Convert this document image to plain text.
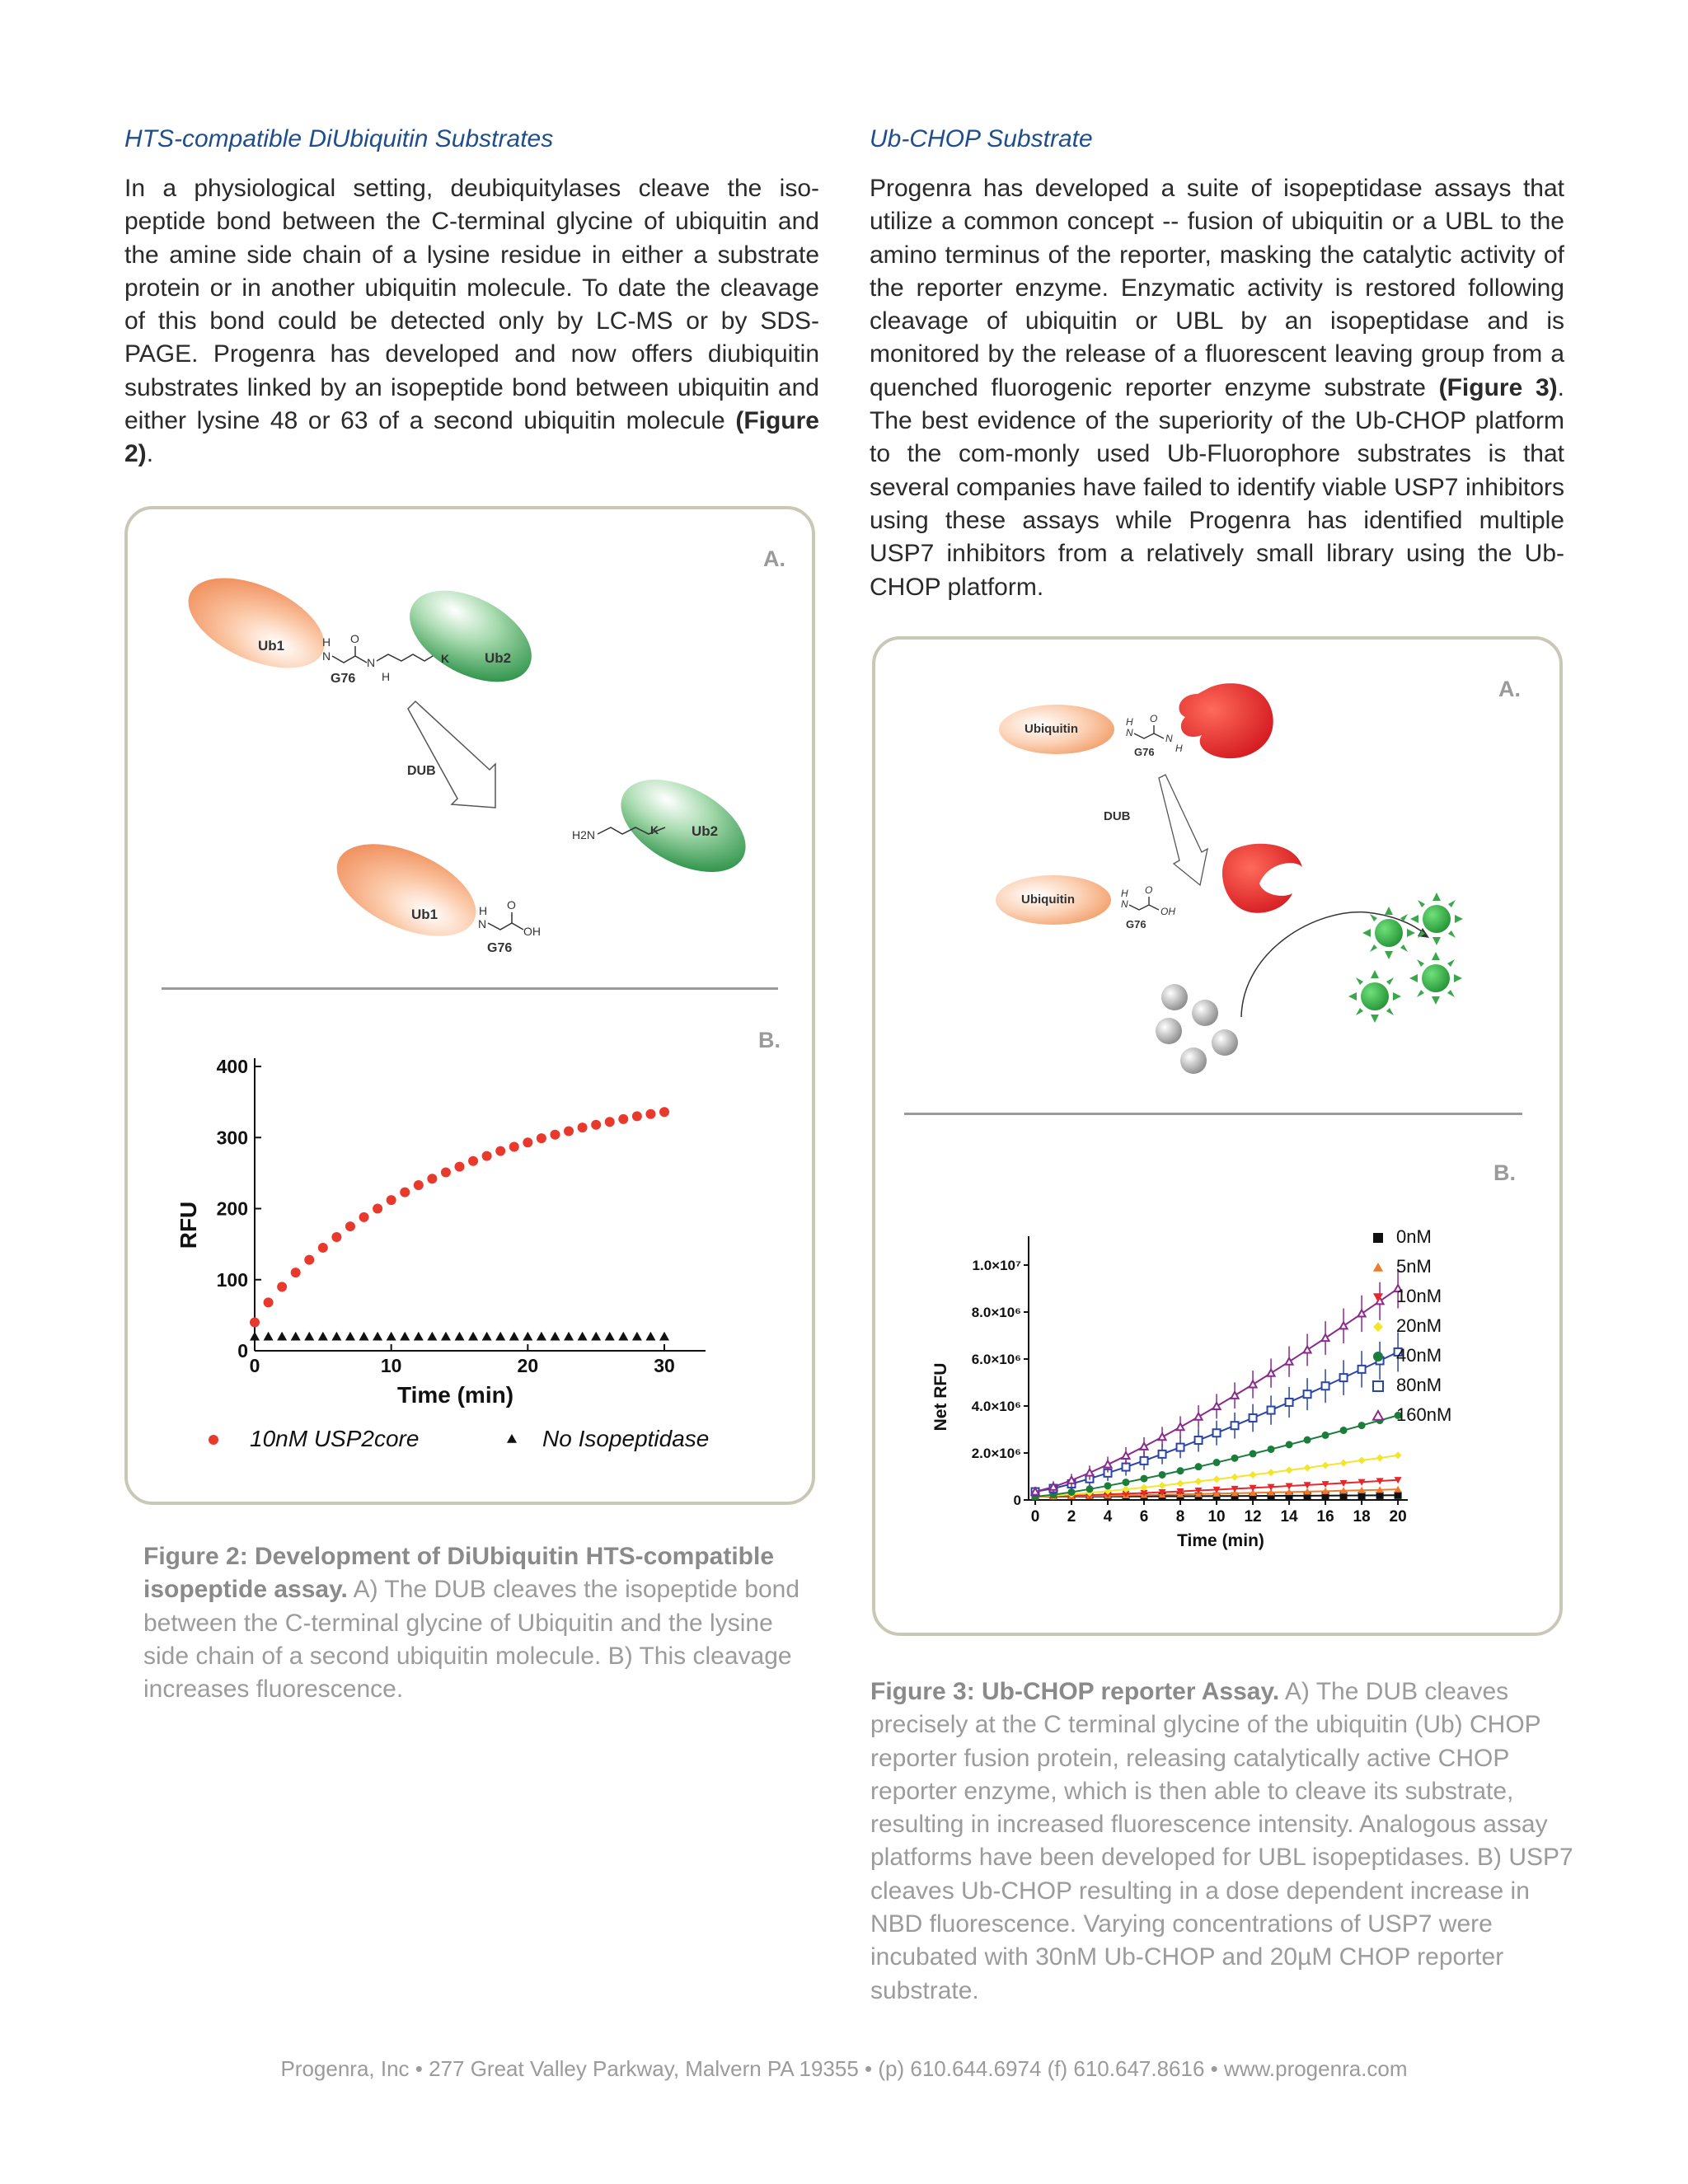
HTS-compatible DiUbiquitin Substrates
In a physiological setting, deubiquitylases cleave the iso-peptide bond between the C-terminal glycine of ubiquitin and the amine side chain of a lysine residue in either a substrate protein or in another ubiquitin molecule. To date the cleavage of this bond could be detected only by LC-MS or by SDS-PAGE. Progenra has developed and now offers diubiquitin substrates linked by an isopeptide bond between ubiquitin and either lysine 48 or 63 of a second ubiquitin molecule (Figure 2).
Ub-CHOP Substrate
Progenra has developed a suite of isopeptidase assays that utilize a common concept -- fusion of ubiquitin or a UBL to the amino terminus of the reporter, masking the catalytic activity of the reporter enzyme. Enzymatic activity is restored following cleavage of ubiquitin or UBL by an isopeptidase and is monitored by the release of a fluorescent leaving group from a quenched fluorogenic reporter enzyme substrate (Figure 3). The best evidence of the superiority of the Ub-CHOP platform to the com-monly used Ub-Fluorophore substrates is that several companies have failed to identify viable USP7 inhibitors using these assays while Progenra has identified multiple USP7 inhibitors from a relatively small library using the Ub-CHOP platform.
A.
B.
Ub1	H
N
O
N
H
G76
K	Ub2
DUB
H2N	K Ub2
Ub1	H
N
O
OH
G76
0
100
200
300
400
0	10	20	30
Time (min)
RFU
10nM USP2core	No Isopeptidase
Figure 2: Development of DiUbiquitin HTS-compatible isopeptide assay. A) The DUB cleaves the isopeptide bond between the C-terminal glycine of Ubiquitin and the lysine side chain of a second ubiquitin molecule. B) This cleavage increases fluorescence.
A.
B.
Ubiquitin	H
N
O
N
H
G76
DUB
Ubiquitin	H
N
O
OH
G76
0
2.0×10⁶
4.0×10⁶
6.0×10⁶
8.0×10⁶
1.0×10⁷
0 2 4 6 8 10 12 14 16 18 20
Time (min)
Net RFU
0nM
5nM
10nM
20nM
40nM
80nM
160nM
Figure 3: Ub-CHOP reporter Assay. A) The DUB cleaves precisely at the C terminal glycine of the ubiquitin (Ub) CHOP reporter fusion protein, releasing catalytically active CHOP reporter enzyme, which is then able to cleave its substrate, resulting in increased fluorescence intensity. Analogous assay platforms have been developed for UBL isopeptidases. B) USP7 cleaves Ub-CHOP resulting in a dose dependent increase in NBD fluorescence. Varying concentrations of USP7 were incubated with 30nM Ub-CHOP and 20µM CHOP reporter substrate.
Progenra, Inc • 277 Great Valley Parkway, Malvern PA 19355 • (p) 610.644.6974 (f) 610.647.8616 • www.progenra.com
